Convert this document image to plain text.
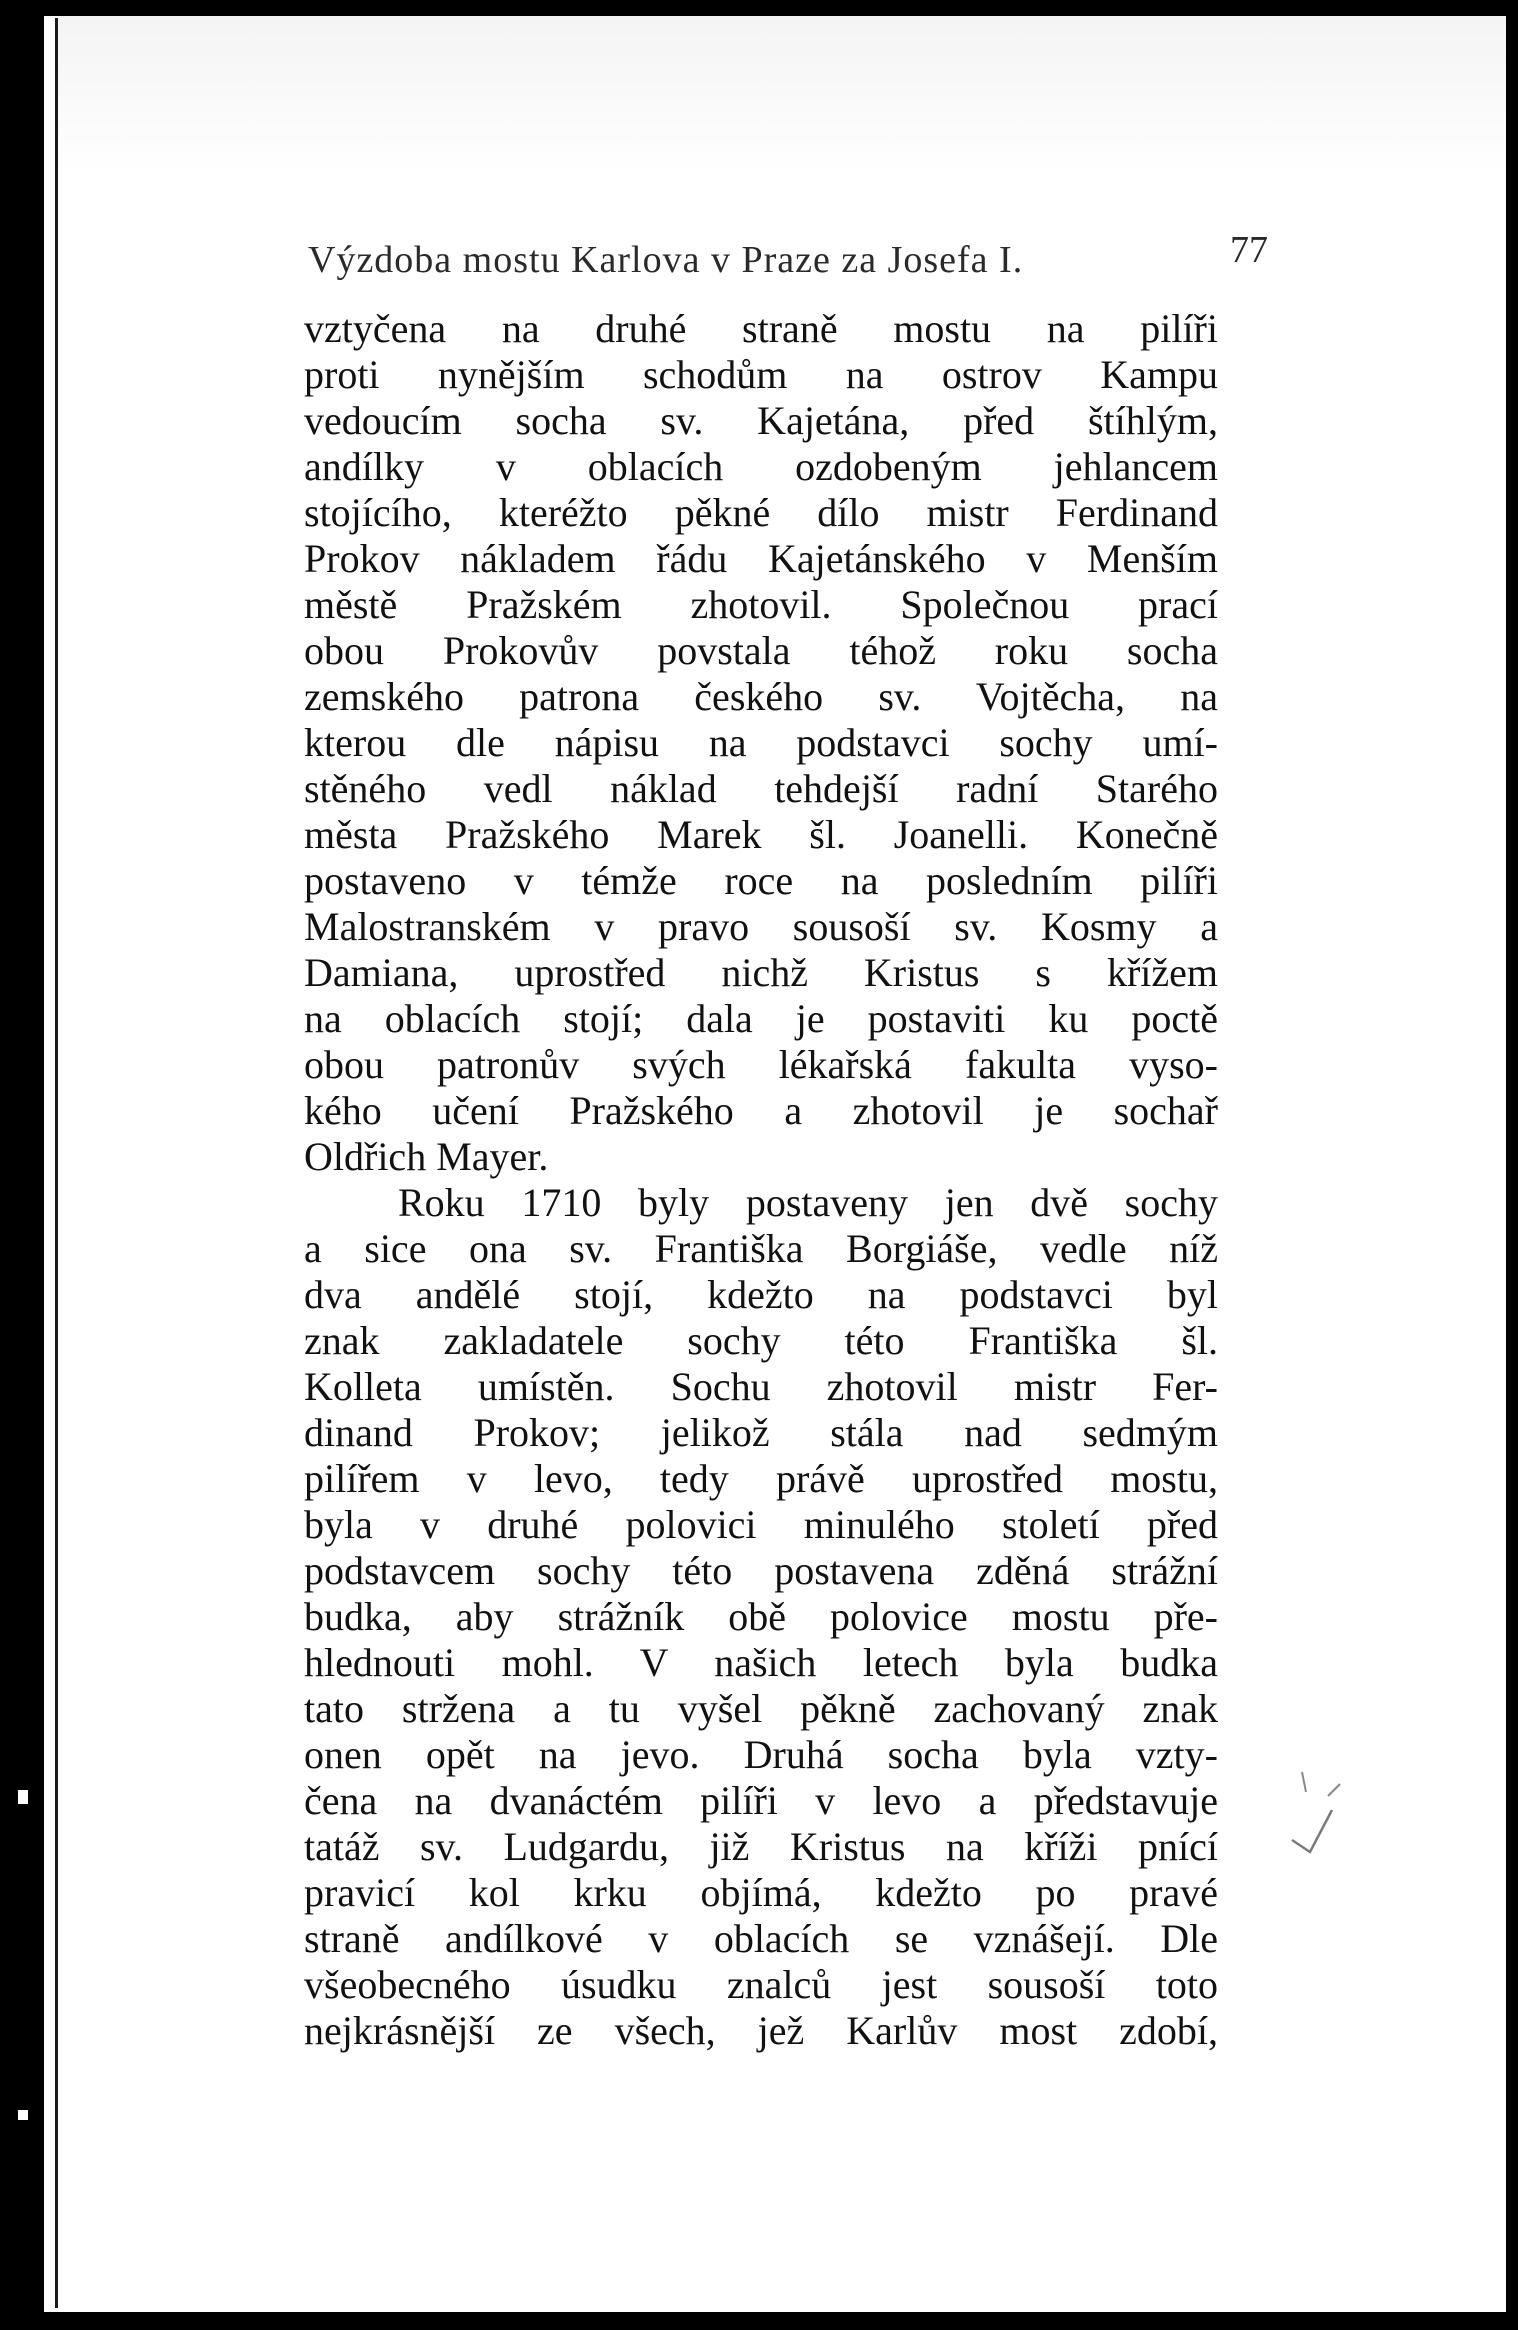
Výzdoba mostu Karlova v Praze za Josefa I.	77
vztyčena na druhé straně mostu na pilíři
proti nynějším schodům na ostrov Kampu
vedoucím socha sv. Kajetána, před štíhlým,
andílky v oblacích ozdobeným jehlancem
stojícího, kteréžto pěkné dílo mistr Ferdinand
Prokov nákladem řádu Kajetánského v Menším
městě Pražském zhotovil. Společnou prací
obou Prokovův povstala téhož roku socha
zemského patrona českého sv. Vojtěcha, na
kterou dle nápisu na podstavci sochy umí-
stěného vedl náklad tehdejší radní Starého
města Pražského Marek šl. Joanelli. Konečně
postaveno v témže roce na posledním pilíři
Malostranském v pravo sousoší sv. Kosmy a
Damiana, uprostřed nichž Kristus s křížem
na oblacích stojí; dala je postaviti ku poctě
obou patronův svých lékařská fakulta vyso-
kého učení Pražského a zhotovil je sochař
Oldřich Mayer.
Roku 1710 byly postaveny jen dvě sochy
a sice ona sv. Františka Borgiáše, vedle níž
dva andělé stojí, kdežto na podstavci byl
znak zakladatele sochy této Františka šl.
Kolleta umístěn. Sochu zhotovil mistr Fer-
dinand Prokov; jelikož stála nad sedmým
pilířem v levo, tedy právě uprostřed mostu,
byla v druhé polovici minulého století před
podstavcem sochy této postavena zděná strážní
budka, aby strážník obě polovice mostu pře-
hlednouti mohl. V našich letech byla budka
tato stržena a tu vyšel pěkně zachovaný znak
onen opět na jevo. Druhá socha byla vzty-
čena na dvanáctém pilíři v levo a představuje
tatáž sv. Ludgardu, již Kristus na kříži pnící
pravicí kol krku objímá, kdežto po pravé
straně andílkové v oblacích se vznášejí. Dle
všeobecného úsudku znalců jest sousoší toto
nejkrásnější ze všech, jež Karlův most zdobí,
